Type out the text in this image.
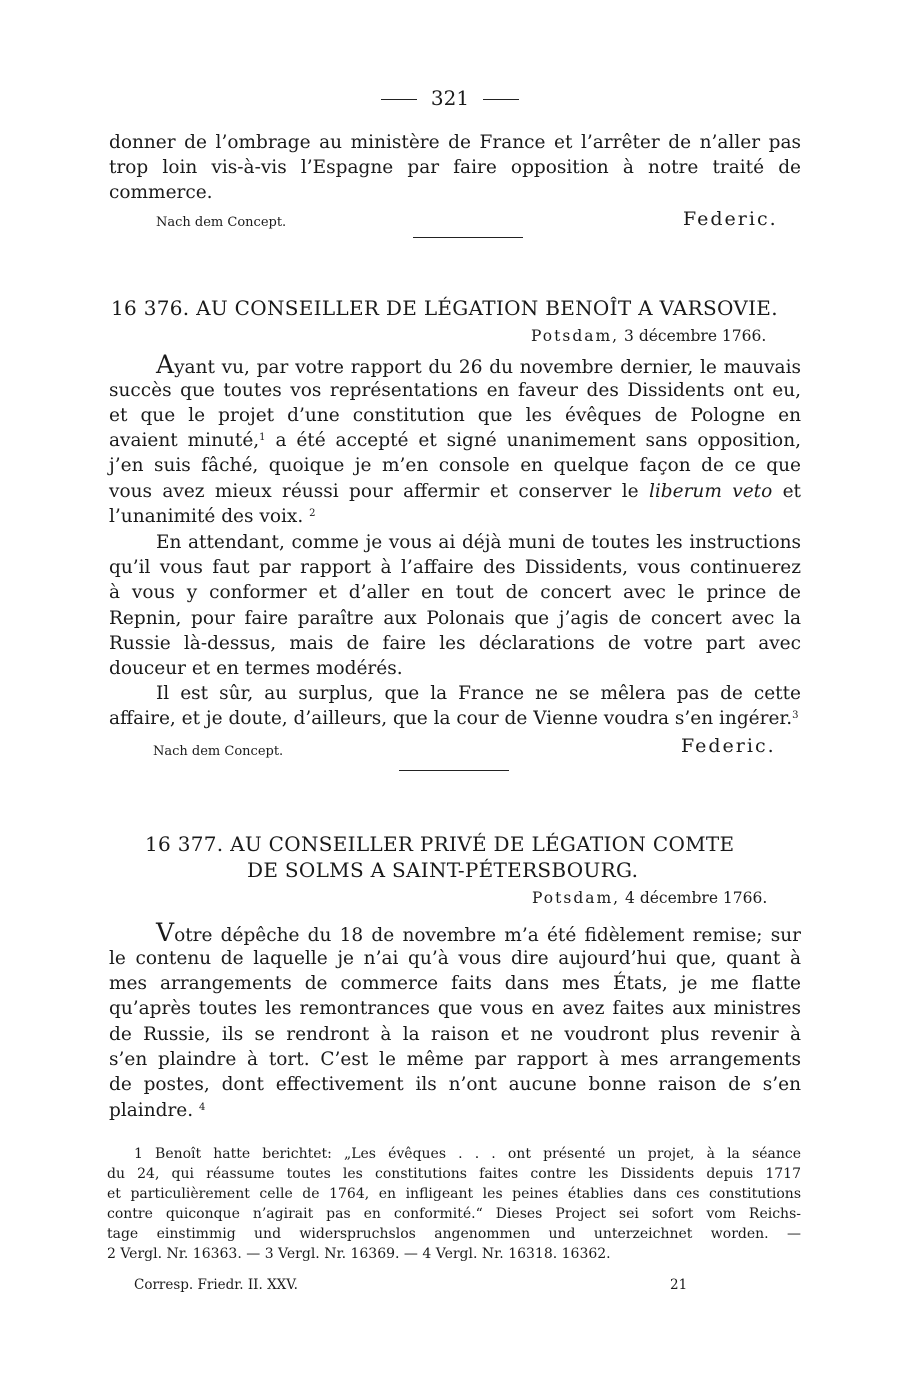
321
donner de l’ombrage au ministère de France et l’arrêter de n’aller pas
trop loin vis-à-vis l’Espagne par faire opposition à notre traité de
commerce.
Nach dem Concept.	Federic.
16 376. AU CONSEILLER DE LÉGATION BENOÎT A VARSOVIE.
Potsdam, 3 décembre 1766.
Ayant vu, par votre rapport du 26 du novembre dernier, le mauvais
succès que toutes vos représentations en faveur des Dissidents ont eu,
et que le projet d’une constitution que les évêques de Pologne en
avaient minuté,$^1$ a été accepté et signé unanimement sans opposition,
j’en suis fâché, quoique je m’en console en quelque façon de ce que
vous avez mieux réussi pour affermir et conserver le liberum veto et
l’unanimité des voix. $^2$
En attendant, comme je vous ai déjà muni de toutes les instructions
qu’il vous faut par rapport à l’affaire des Dissidents, vous continuerez
à vous y conformer et d’aller en tout de concert avec le prince de
Repnin, pour faire paraître aux Polonais que j’agis de concert avec la
Russie là-dessus, mais de faire les déclarations de votre part avec
douceur et en termes modérés.
Il est sûr, au surplus, que la France ne se mêlera pas de cette
affaire, et je doute, d’ailleurs, que la cour de Vienne voudra s’en ingérer.$^3$
Nach dem Concept.	Federic.
16 377. AU CONSEILLER PRIVÉ DE LÉGATION COMTE
DE SOLMS A SAINT-PÉTERSBOURG.
Potsdam, 4 décembre 1766.
Votre dépêche du 18 de novembre m’a été fidèlement remise; sur
le contenu de laquelle je n’ai qu’à vous dire aujourd’hui que, quant à
mes arrangements de commerce faits dans mes États, je me flatte
qu’après toutes les remontrances que vous en avez faites aux ministres
de Russie, ils se rendront à la raison et ne voudront plus revenir à
s’en plaindre à tort. C’est le même par rapport à mes arrangements
de postes, dont effectivement ils n’ont aucune bonne raison de s’en
plaindre. $^4$
1 Benoît hatte berichtet: „Les évêques . . . ont présenté un projet, à la séance
du 24, qui réassume toutes les constitutions faites contre les Dissidents depuis 1717
et particulièrement celle de 1764, en infligeant les peines établies dans ces constitutions
contre quiconque n’agirait pas en conformité.“ Dieses Project sei sofort vom Reichs-
tage einstimmig und widerspruchslos angenommen und unterzeichnet worden. —
2 Vergl. Nr. 16363. — 3 Vergl. Nr. 16369. — 4 Vergl. Nr. 16318. 16362.
Corresp. Friedr. II. XXV.	21
